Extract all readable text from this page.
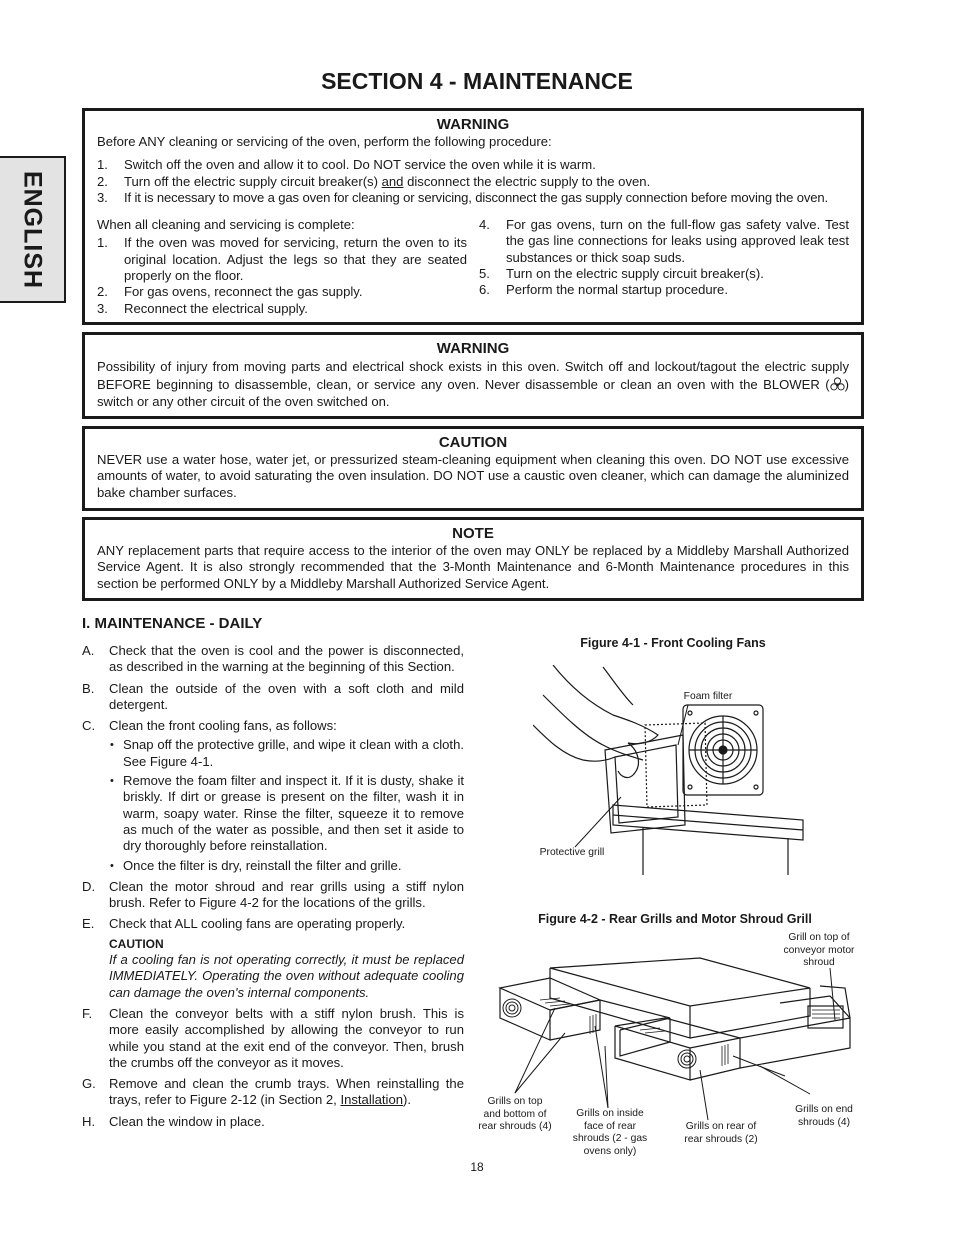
ENGLISH
SECTION 4 - MAINTENANCE
WARNING

Before ANY cleaning or servicing of the oven, perform the following procedure:

1. Switch off the oven and allow it to cool. Do NOT service the oven while it is warm.
2. Turn off the electric supply circuit breaker(s) and disconnect the electric supply to the oven.
3. If it is necessary to move a gas oven for cleaning or servicing, disconnect the gas supply connection before moving the oven.

When all cleaning and servicing is complete:

1. If the oven was moved for servicing, return the oven to its original location. Adjust the legs so that they are seated properly on the floor.
2. For gas ovens, reconnect the gas supply.
3. Reconnect the electrical supply.
4. For gas ovens, turn on the full-flow gas safety valve. Test the gas line connections for leaks using approved leak test substances or thick soap suds.
5. Turn on the electric supply circuit breaker(s).
6. Perform the normal startup procedure.
WARNING

Possibility of injury from moving parts and electrical shock exists in this oven. Switch off and lockout/tagout the electric supply BEFORE beginning to disassemble, clean, or service any oven. Never disassemble or clean an oven with the BLOWER ( ) switch or any other circuit of the oven switched on.

CAUTION

NEVER use a water hose, water jet, or pressurized steam-cleaning equipment when cleaning this oven. DO NOT use excessive amounts of water, to avoid saturating the oven insulation. DO NOT use a caustic oven cleaner, which can damage the aluminized bake chamber surfaces.

NOTE

ANY replacement parts that require access to the interior of the oven may ONLY be replaced by a Middleby Marshall Authorized Service Agent. It is also strongly recommended that the 3-Month Maintenance and 6-Month Maintenance procedures in this section be performed ONLY by a Middleby Marshall Authorized Service Agent.

I. MAINTENANCE - DAILY
A. Check that the oven is cool and the power is disconnected, as described in the warning at the beginning of this Section.
B. Clean the outside of the oven with a soft cloth and mild detergent.
C. Clean the front cooling fans, as follows:
• Snap off the protective grille, and wipe it clean with a cloth. See Figure 4-1.
• Remove the foam filter and inspect it. If it is dusty, shake it briskly. If dirt or grease is present on the filter, wash it in warm, soapy water. Rinse the filter, squeeze it to remove as much of the water as possible, and then set it aside to dry thoroughly before reinstallation.
• Once the filter is dry, reinstall the filter and grille.
D. Clean the motor shroud and rear grills using a stiff nylon brush. Refer to Figure 4-2 for the locations of the grills.
E. Check that ALL cooling fans are operating properly.
CAUTION
If a cooling fan is not operating correctly, it must be replaced IMMEDIATELY. Operating the oven without adequate cooling can damage the oven's internal components.
F. Clean the conveyor belts with a stiff nylon brush. This is more easily accomplished by allowing the conveyor to run while you stand at the exit end of the conveyor. Then, brush the crumbs off the conveyor as it moves.
G. Remove and clean the crumb trays. When reinstalling the trays, refer to Figure 2-12 (in Section 2, Installation).
H. Clean the window in place.
Figure 4-1 - Front Cooling Fans
Foam filter
Protective grill
Figure 4-2 - Rear Grills and Motor Shroud Grill
Grill on top of conveyor motor shroud
Grills on top and bottom of rear shrouds (4)
Grills on inside face of rear shrouds (2 - gas ovens only)
Grills on rear of rear shrouds (2)
Grills on end shrouds (4)
18
